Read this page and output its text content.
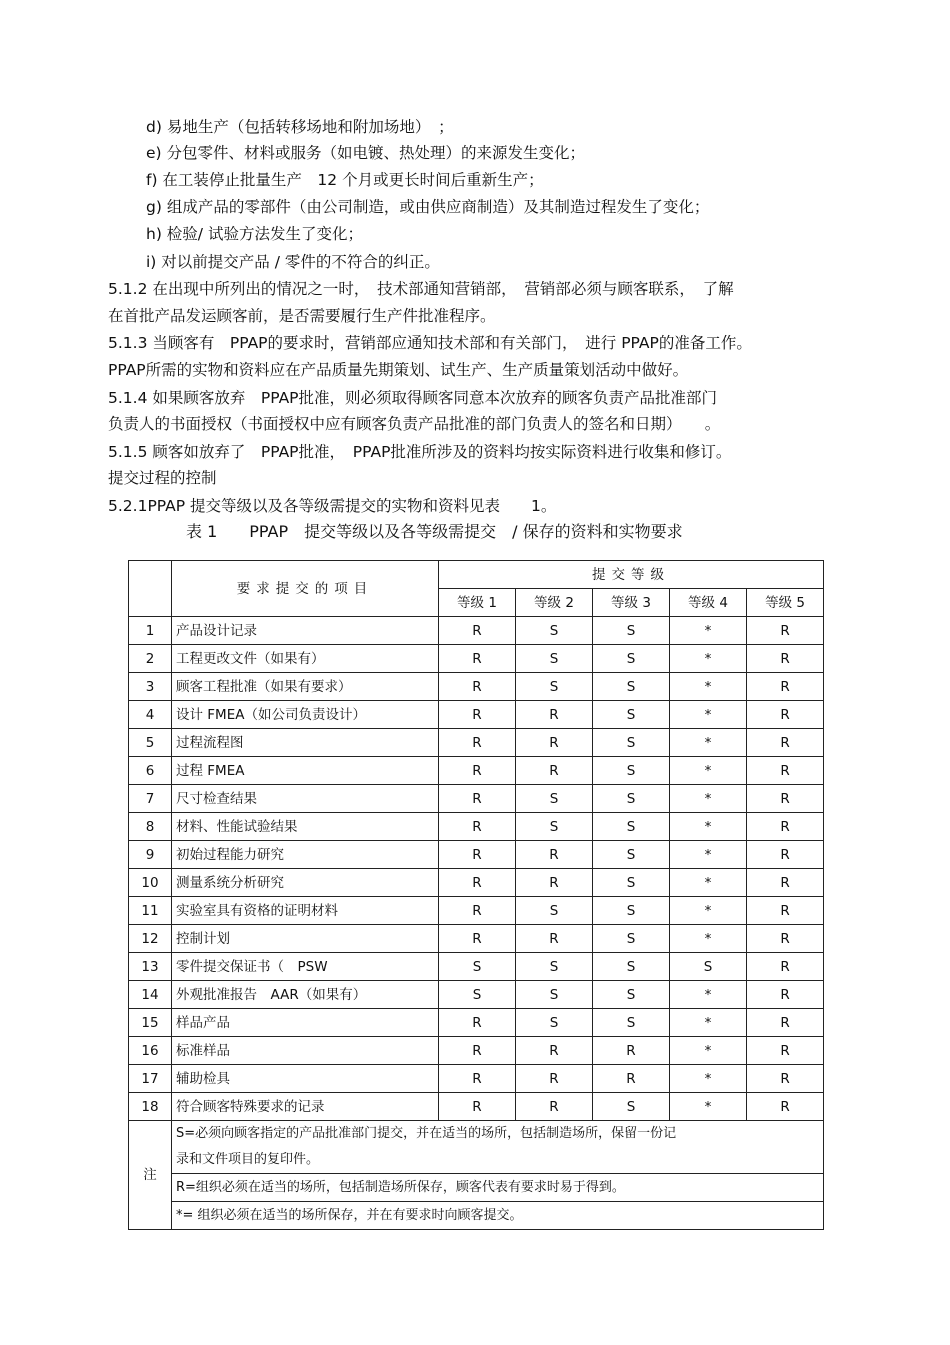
d) 易地生产（包括转移场地和附加场地）　；
e) 分包零件、材料或服务（如电镀、热处理）的来源发生变化；
f) 在工装停止批量生产　12 个月或更长时间后重新生产；
g) 组成产品的零部件（由公司制造，或由供应商制造）及其制造过程发生了变化；
h) 检验/ 试验方法发生了变化；
i) 对以前提交产品 / 零件的不符合的纠正。
5.1.2 在出现中所列出的情况之一时，　技术部通知营销部，　营销部必须与顾客联系，　了解
在首批产品发运顾客前，是否需要履行生产件批准程序。
5.1.3 当顾客有　PPAP的要求时，营销部应通知技术部和有关部门，　进行 PPAP的准备工作。
PPAP所需的实物和资料应在产品质量先期策划、试生产、生产质量策划活动中做好。
5.1.4 如果顾客放弃　PPAP批准，则必须取得顾客同意本次放弃的顾客负责产品批准部门
负责人的书面授权（书面授权中应有顾客负责产品批准的部门负责人的签名和日期）　　。
5.1.5 顾客如放弃了　PPAP批准，　PPAP批准所涉及的资料均按实际资料进行收集和修订。
提交过程的控制
5.2.1PPAP 提交等级以及各等级需提交的实物和资料见表　　1。
表 1　　PPAP　提交等级以及各等级需提交　/ 保存的资料和实物要求
	要求提交的项目	提交等级				
		等级 1	等级 2	等级 3	等级 4	等级 5
1	产品设计记录	R	S	S	*	R
2	工程更改文件（如果有）	R	S	S	*	R
3	顾客工程批准（如果有要求）	R	S	S	*	R
4	设计 FMEA（如公司负责设计）	R	R	S	*	R
5	过程流程图	R	R	S	*	R
6	过程 FMEA	R	R	S	*	R
7	尺寸检查结果	R	S	S	*	R
8	材料、性能试验结果	R	S	S	*	R
9	初始过程能力研究	R	R	S	*	R
10	测量系统分析研究	R	R	S	*	R
11	实验室具有资格的证明材料	R	S	S	*	R
12	控制计划	R	R	S	*	R
13	零件提交保证书（　PSW	S	S	S	S	R
14	外观批准报告　AAR（如果有）	S	S	S	*	R
15	样品产品	R	S	S	*	R
16	标准样品	R	R	R	*	R
17	辅助检具	R	R	R	*	R
18	符合顾客特殊要求的记录	R	R	S	*	R
注	S=必须向顾客指定的产品批准部门提交，并在适当的场所，包括制造场所，保留一份记
录和文件项目的复印件。					

	R=组织必须在适当的场所，包括制造场所保存，顾客代表有要求时易于得到。					
	*= 组织必须在适当的场所保存，并在有要求时向顾客提交。					
